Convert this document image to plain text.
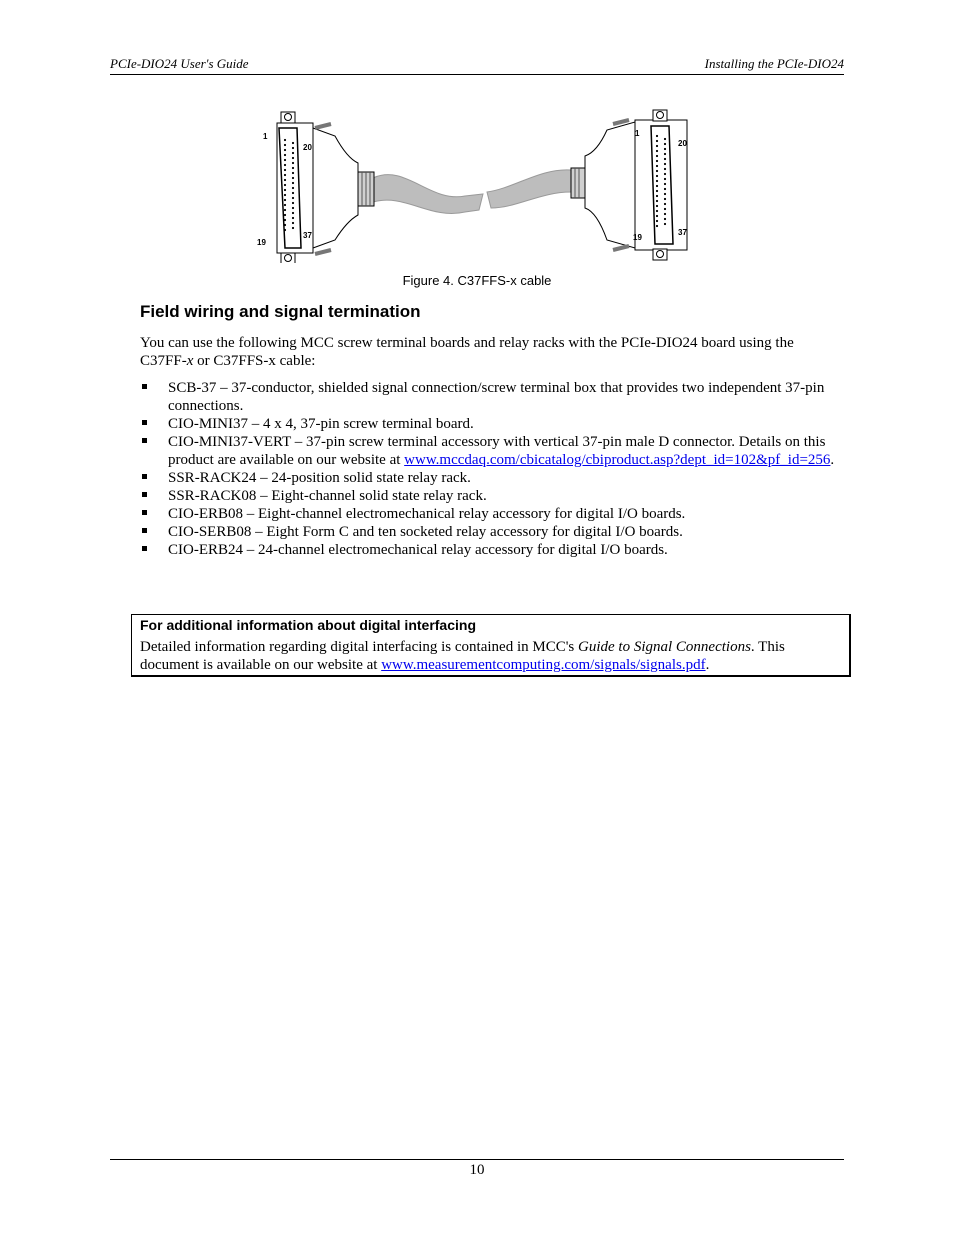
PCIe-DIO24 User's Guide	Installing the PCIe-DIO24
1
20
19
37
1
20
19
37
Figure 4. C37FFS-x cable
Field wiring and signal termination

You can use the following MCC screw terminal boards and relay racks with the PCIe-DIO24 board using the C37FF-x or C37FFS-x cable:

SCB-37 – 37-conductor, shielded signal connection/screw terminal box that provides two independent 37-pin connections.
CIO-MINI37 – 4 x 4, 37-pin screw terminal board.
CIO-MINI37-VERT – 37-pin screw terminal accessory with vertical 37-pin male D connector. Details on this product are available on our website at www.mccdaq.com/cbicatalog/cbiproduct.asp?dept_id=102&pf_id=256.
SSR-RACK24 – 24-position solid state relay rack.
SSR-RACK08 – Eight-channel solid state relay rack.
CIO-ERB08 – Eight-channel electromechanical relay accessory for digital I/O boards.
CIO-SERB08 – Eight Form C and ten socketed relay accessory for digital I/O boards.
CIO-ERB24 – 24-channel electromechanical relay accessory for digital I/O boards.
For additional information about digital interfacing
Detailed information regarding digital interfacing is contained in MCC's Guide to Signal Connections. This document is available on our website at www.measurementcomputing.com/signals/signals.pdf.
10
